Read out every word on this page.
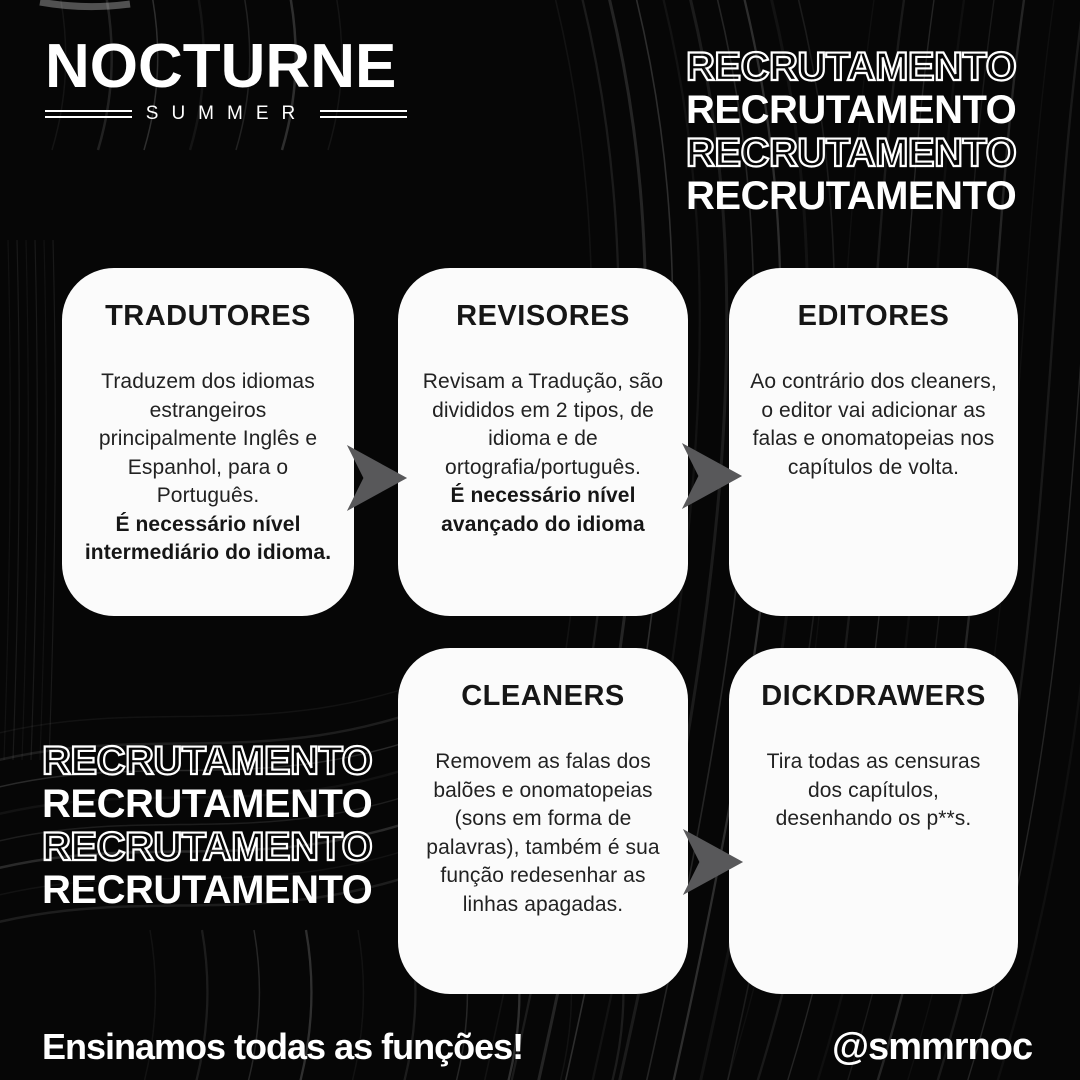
NOCTURNE
SUMMER
RECRUTAMENTO
RECRUTAMENTO
RECRUTAMENTO
RECRUTAMENTO
RECRUTAMENTO
RECRUTAMENTO
RECRUTAMENTO
RECRUTAMENTO
TRADUTORES
Traduzem dos idiomas estrangeiros principalmente Inglês e Espanhol, para o Português.
É necessário nível intermediário do idioma.
REVISORES
Revisam a Tradução, são divididos em 2 tipos, de idioma e de ortografia/português.
É necessário nível avançado do idioma
EDITORES
Ao contrário dos cleaners, o editor vai adicionar as falas e onomatopeias nos capítulos de volta.
CLEANERS
Removem as falas dos balões e onomatopeias (sons em forma de palavras), também é sua função redesenhar as linhas apagadas.
DICKDRAWERS
Tira todas as censuras dos capítulos, desenhando os p**s.
Ensinamos todas as funções!	@smmrnoc
